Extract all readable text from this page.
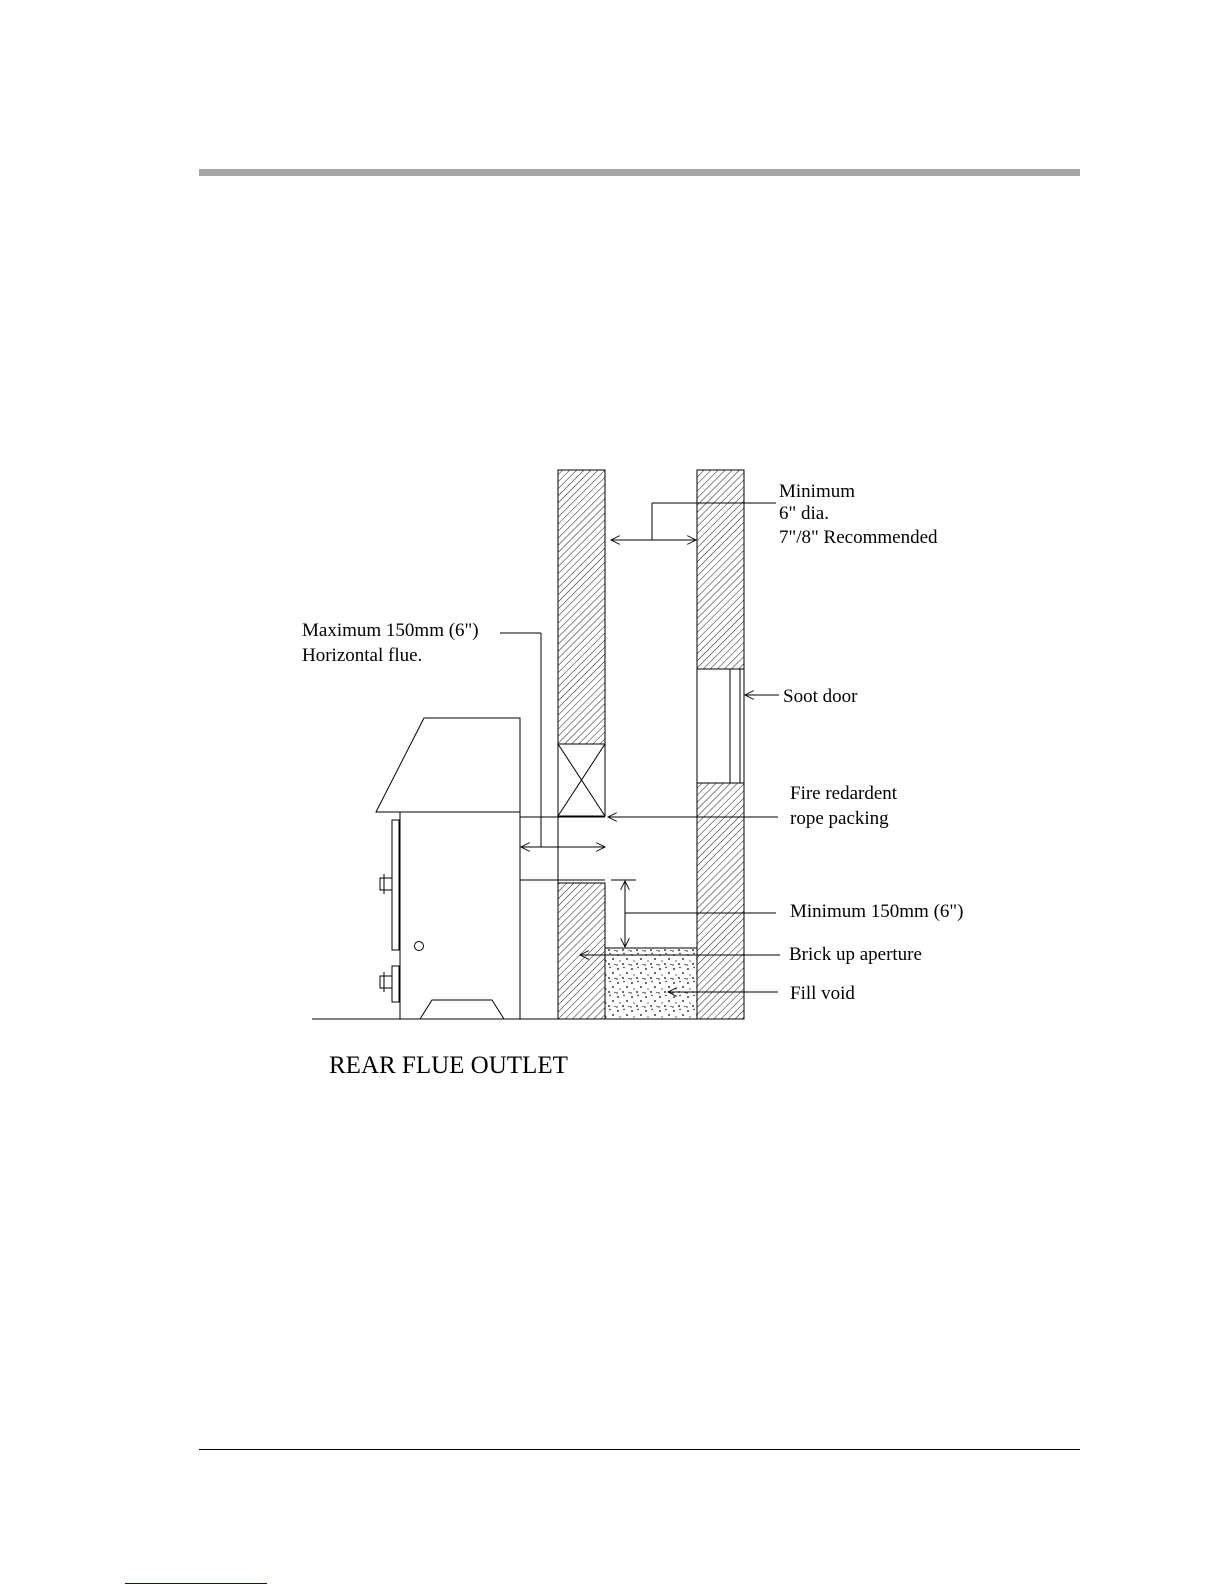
Minimum
6" dia.
7"/8" Recommended
Maximum 150mm (6")
Horizontal flue.
Soot door
Fire redardent
rope packing
Minimum 150mm (6")
Brick up aperture
Fill void
REAR FLUE OUTLET
